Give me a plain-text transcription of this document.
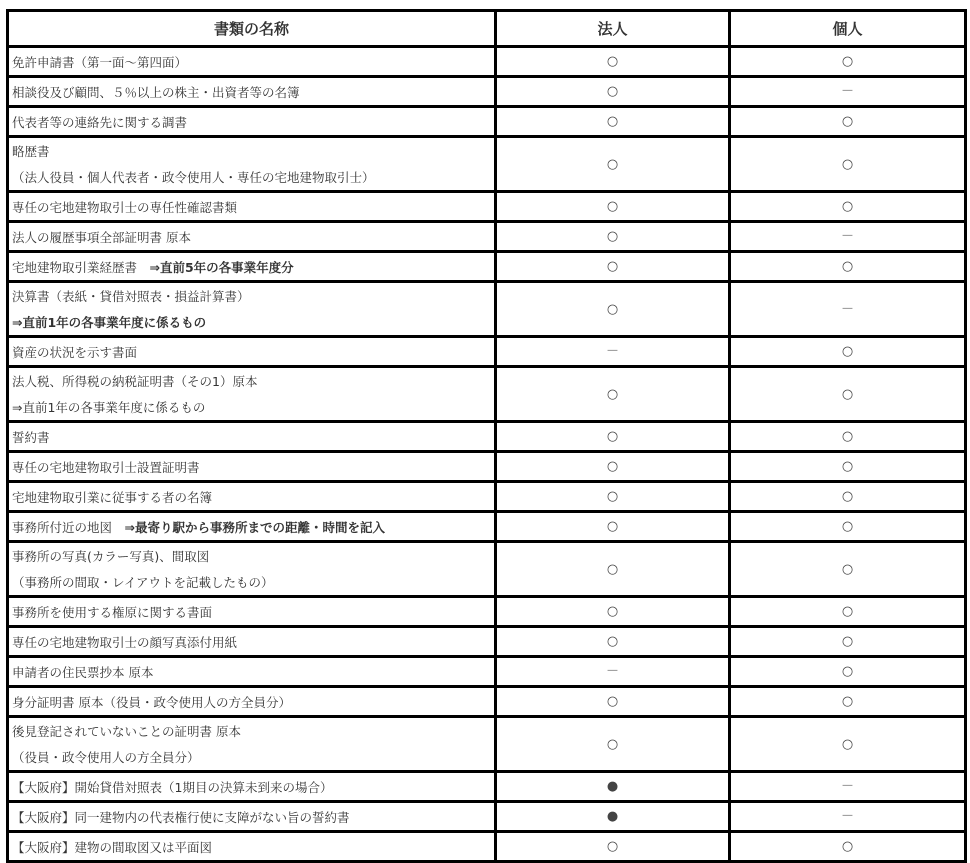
書類の名称	法人	個人

免許申請書（第一面～第四面）	○	○

相談役及び顧問、５％以上の株主・出資者等の名簿	○	－

代表者等の連絡先に関する調書	○	○

略歴書
（法人役員・個人代表者・政令使用人・専任の宅地建物取引士）	○	○

専任の宅地建物取引士の専任性確認書類	○	○

法人の履歴事項全部証明書 原本	○	－

宅地建物取引業経歴書　⇒直前5年の各事業年度分	○	○

決算書（表紙・貸借対照表・損益計算書）
⇒直前1年の各事業年度に係るもの	○	－

資産の状況を示す書面	－	○

法人税、所得税の納税証明書（その1）原本
⇒直前1年の各事業年度に係るもの	○	○

誓約書	○	○

専任の宅地建物取引士設置証明書	○	○

宅地建物取引業に従事する者の名簿	○	○

事務所付近の地図　⇒最寄り駅から事務所までの距離・時間を記入	○	○

事務所の写真(カラー写真)、間取図
（事務所の間取・レイアウトを記載したもの）	○	○

事務所を使用する権原に関する書面	○	○

専任の宅地建物取引士の顔写真添付用紙	○	○

申請者の住民票抄本 原本	－	○

身分証明書 原本（役員・政令使用人の方全員分）	○	○

後見登記されていないことの証明書 原本
（役員・政令使用人の方全員分）	○	○

【大阪府】開始貸借対照表（1期目の決算未到来の場合）	●	－

【大阪府】同一建物内の代表権行使に支障がない旨の誓約書	●	－

【大阪府】建物の間取図又は平面図	○	○
